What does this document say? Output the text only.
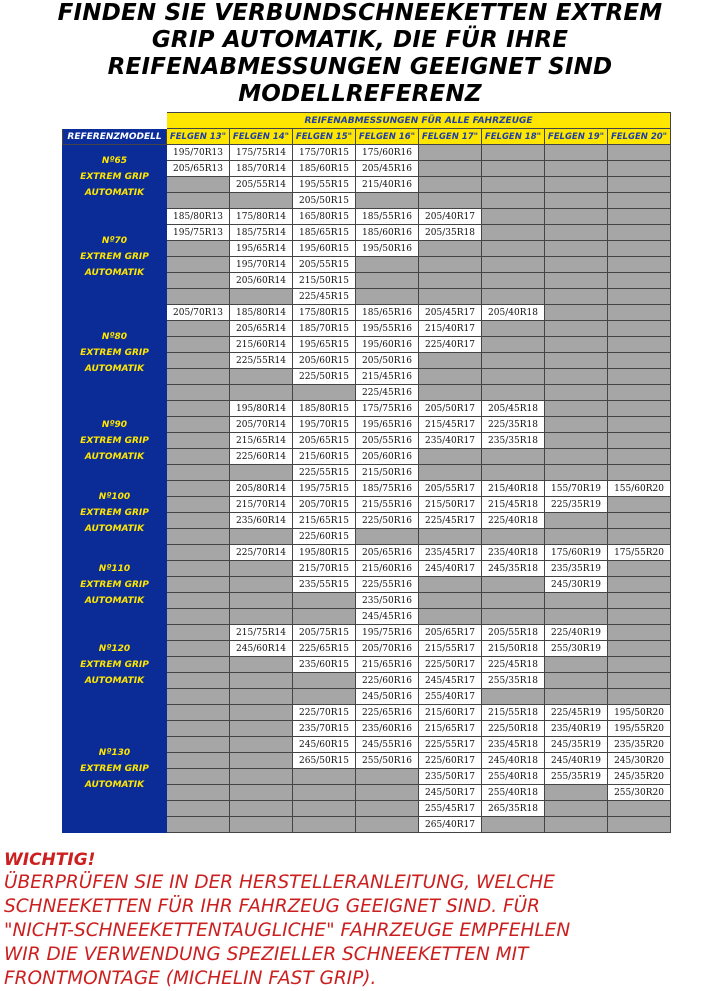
FINDEN SIE VERBUNDSCHNEEKETTEN EXTREM
GRIP AUTOMATIK, DIE FÜR IHRE
REIFENABMESSUNGEN GEEIGNET SIND
MODELLREFERENZ
	REIFENABMESSUNGEN FÜR ALLE FAHRZEUGE							
REFERENZMODELL	FELGEN 13"	FELGEN 14"	FELGEN 15"	FELGEN 16"	FELGEN 17"	FELGEN 18"	FELGEN 19"	FELGEN 20"

Nº65
EXTREM GRIP
AUTOMATIK	195/70R13	175/75R14	175/70R15	175/60R16				
	205/65R13	185/70R14	185/60R15	205/45R16				
		205/55R14	195/55R15	215/40R16				
			205/50R15					

Nº70
EXTREM GRIP
AUTOMATIK	185/80R13	175/80R14	165/80R15	185/55R16	205/40R17			
	195/75R13	185/75R14	185/65R15	185/60R16	205/35R18			
		195/65R14	195/60R15	195/50R16				
		195/70R14	205/55R15					
		205/60R14	215/50R15					
			225/45R15					

Nº80
EXTREM GRIP
AUTOMATIK	205/70R13	185/80R14	175/80R15	185/65R16	205/45R17	205/40R18		
		205/65R14	185/70R15	195/55R16	215/40R17			
		215/60R14	195/65R15	195/60R16	225/40R17			
		225/55R14	205/60R15	205/50R16				
			225/50R15	215/45R16				
				225/45R16				

Nº90
EXTREM GRIP
AUTOMATIK		195/80R14	185/80R15	175/75R16	205/50R17	205/45R18		
		205/70R14	195/70R15	195/65R16	215/45R17	225/35R18		
		215/65R14	205/65R15	205/55R16	235/40R17	235/35R18		
		225/60R14	215/60R15	205/60R16				
			225/55R15	215/50R16				

Nº100
EXTREM GRIP
AUTOMATIK		205/80R14	195/75R15	185/75R16	205/55R17	215/40R18	155/70R19	155/60R20
		215/70R14	205/70R15	215/55R16	215/50R17	215/45R18	225/35R19	
		235/60R14	215/65R15	225/50R16	225/45R17	225/40R18		
			225/60R15					

Nº110
EXTREM GRIP
AUTOMATIK		225/70R14	195/80R15	205/65R16	235/45R17	235/40R18	175/60R19	175/55R20
			215/70R15	215/60R16	245/40R17	245/35R18	235/35R19	
			235/55R15	225/55R16			245/30R19	
				235/50R16				
				245/45R16				

Nº120
EXTREM GRIP
AUTOMATIK		215/75R14	205/75R15	195/75R16	205/65R17	205/55R18	225/40R19	
		245/60R14	225/65R15	205/70R16	215/55R17	215/50R18	255/30R19	
			235/60R15	215/65R16	225/50R17	225/45R18		
				225/60R16	245/45R17	255/35R18		
				245/50R16	255/40R17			

Nº130
EXTREM GRIP
AUTOMATIK			225/70R15	225/65R16	215/60R17	215/55R18	225/45R19	195/50R20
			235/70R15	235/60R16	215/65R17	225/50R18	235/40R19	195/55R20
			245/60R15	245/55R16	225/55R17	235/45R18	245/35R19	235/35R20
			265/50R15	255/50R16	225/60R17	245/40R18	245/40R19	245/30R20
					235/50R17	255/40R18	255/35R19	245/35R20
					245/50R17	255/40R18		255/30R20
					255/45R17	265/35R18		
					265/40R17			
WICHTIG!
ÜBERPRÜFEN SIE IN DER HERSTELLERANLEITUNG, WELCHE
SCHNEEKETTEN FÜR IHR FAHRZEUG GEEIGNET SIND. FÜR
"NICHT-SCHNEEKETTENTAUGLICHE" FAHRZEUGE EMPFEHLEN
WIR DIE VERWENDUNG SPEZIELLER SCHNEEKETTEN MIT
FRONTMONTAGE (MICHELIN FAST GRIP).
